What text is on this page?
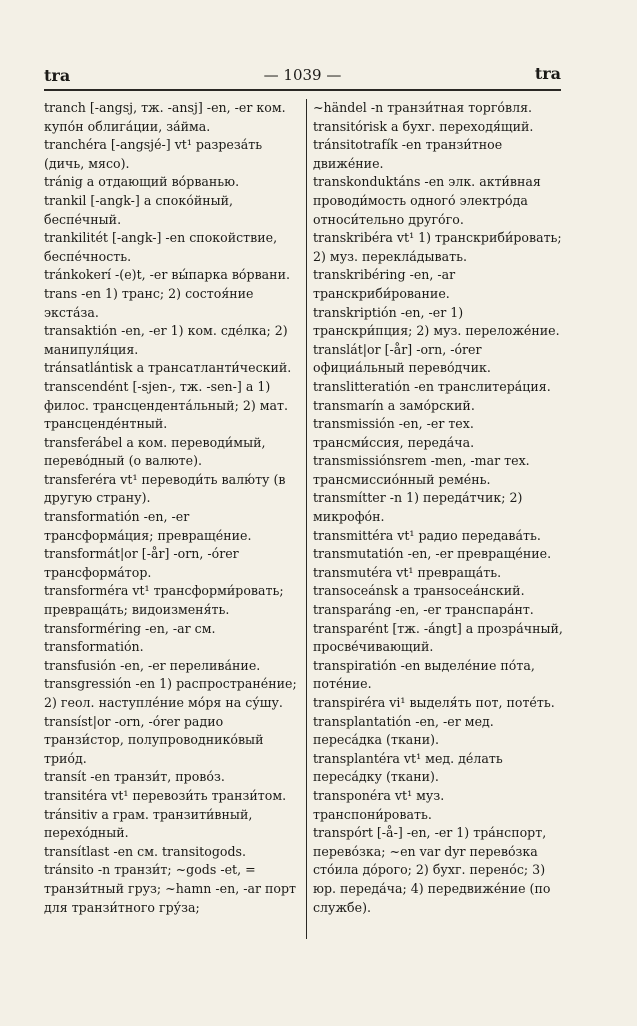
tra	— 1039 —	tra

tranch [-angsj, тж. -ansj] -en, -er ком. купо́н облига́ции, за́йма.

tranchéra [-angsjé-] vt¹ разреза́ть (дичь, мясо).

tránig a отдающий во́рванью.

trankil [-angk-] a споко́йный, беспе́чный.

trankilitét [-angk-] -en спокойствие, беспе́чность.

tránkokerí -(e)t, -er вы́парка во́рвани.

trans -en 1) транс; 2) состоя́ние экста́за.

transaktión -en, -er 1) ком. сде́лка; 2) манипуля́ция.

tránsatlántisk a трансатланти́ческий.

transcendént [-sjen-, тж. -sen-] a 1) филос. трансцендента́льный; 2) мат. трансценде́нтный.

transferábel a ком. переводи́мый, перево́дный (о валюте).

transferéra vt¹ переводи́ть валю́ту (в другую страну).

transformatión -en, -er трансформа́ция; превраще́ние.

transformát|or [-år] -orn, -órer трансформа́тор.

transforméra vt¹ трансформи́ровать; превраща́ть; видоизменя́ть.

transforméring -en, -ar см. transformatión.

transfusión -en, -er перелива́ние.

transgressión -en 1) распростране́ние; 2) геол. наступле́ние мо́ря на су́шу.

transíst|or -orn, -órer радио транзи́стор, полупроводнико́вый трио́д.

transít -en транзи́т, прово́з.

transitéra vt¹ перевози́ть транзи́том.

tránsitiv a грам. транзити́вный, перехо́дный.

transítlast -en см. transitogods.

tránsito -n транзи́т; ~gods -et, = транзи́тный груз; ~hamn -en, -ar порт для транзи́тного гру́за;

~händel -n транзи́тная торго́вля.

transitórisk a бухг. переходя́щий.

tránsitotrafík -en транзи́тное движе́ние.

transkonduktáns -en элк. акти́вная проводи́мость одного́ электро́да относи́тельно друго́го.

transkribéra vt¹ 1) транскриби́ровать; 2) муз. перекла́дывать.

transkribéring -en, -ar транскриби́рование.

transkriptión -en, -er 1) транскри́пция; 2) муз. переложе́ние.

translát|or [-år] -orn, -órer официа́льный перево́дчик.

translitteratión -en транслитера́ция.

transmarín a замо́рский.

transmissión -en, -er тех. трансми́ссия, переда́ча.

transmissiónsrem -men, -mar тех. трансмиссио́нный реме́нь.

transmítter -n 1) переда́тчик; 2) микрофо́н.

transmittéra vt¹ радио передава́ть.

transmutatión -en, -er превраще́ние.

transmutéra vt¹ превраща́ть.

transoceánsk a транsoceáнский.

transparáng -en, -er транспара́нт.

transparént [тж. -ángt] a прозра́чный, просве́чивающий.

transpiratión -en выделе́ние по́та, поте́ние.

transpiréra vi¹ выделя́ть пот, поте́ть.

transplantatión -en, -er мед. переса́дка (ткани).

transplantéra vt¹ мед. де́лать переса́дку (ткани).

transponéra vt¹ муз. транспони́ровать.

transpórt [-å-] -en, -er 1) тра́нспорт, перево́зка; ~en var dyr перево́зка сто́ила до́рого; 2) бухг. перено́с; 3) юр. переда́ча; 4) передвиже́ние (по службе).
